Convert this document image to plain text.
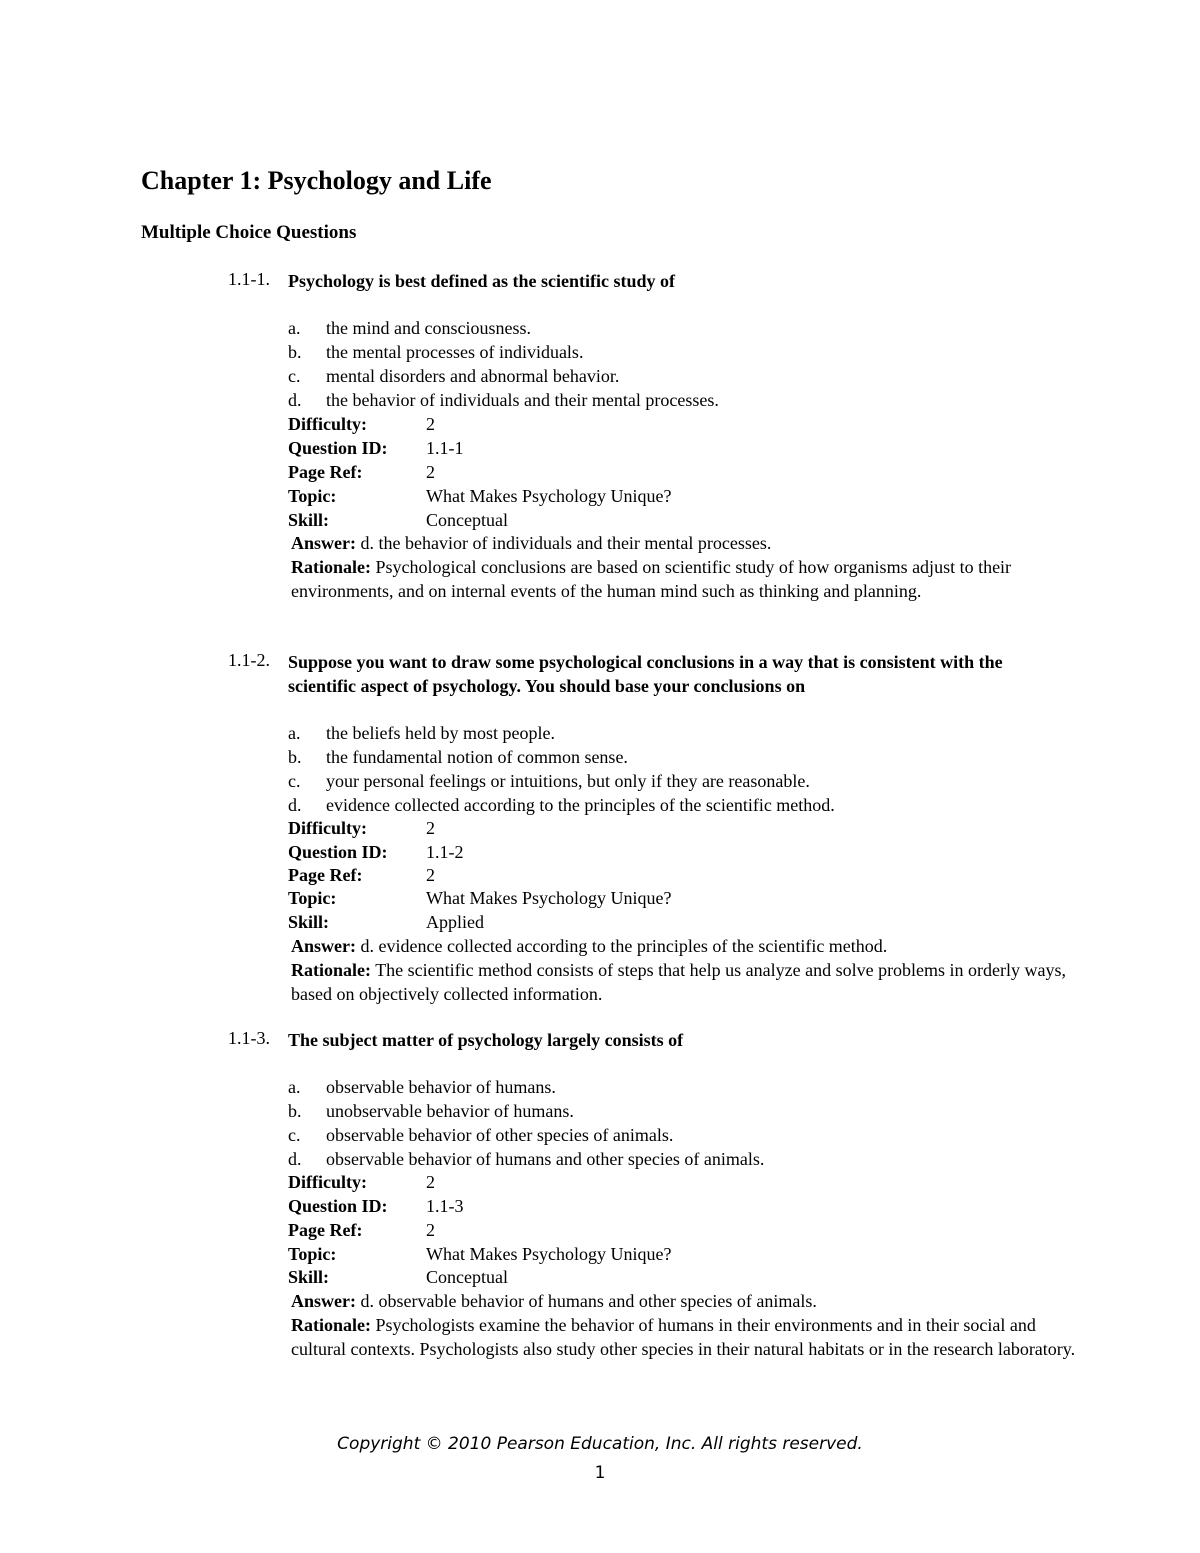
Chapter 1: Psychology and Life
Multiple Choice Questions
1.1-1. Psychology is best defined as the scientific study of
a. the mind and consciousness.
b. the mental processes of individuals.
c. mental disorders and abnormal behavior.
d. the behavior of individuals and their mental processes.
Difficulty:	2
Question ID: 1.1-1
Page Ref:	2
Topic:	What Makes Psychology Unique?
Skill:	Conceptual
Answer: d. the behavior of individuals and their mental processes.
Rationale: Psychological conclusions are based on scientific study of how organisms adjust to their environments, and on internal events of the human mind such as thinking and planning.
1.1-2. Suppose you want to draw some psychological conclusions in a way that is consistent with the scientific aspect of psychology. You should base your conclusions on
a. the beliefs held by most people.
b. the fundamental notion of common sense.
c. your personal feelings or intuitions, but only if they are reasonable.
d. evidence collected according to the principles of the scientific method.
Difficulty:	2
Question ID: 1.1-2
Page Ref:	2
Topic:	What Makes Psychology Unique?
Skill:	Applied
Answer: d. evidence collected according to the principles of the scientific method.
Rationale: The scientific method consists of steps that help us analyze and solve problems in orderly ways, based on objectively collected information.
1.1-3. The subject matter of psychology largely consists of
a. observable behavior of humans.
b. unobservable behavior of humans.
c. observable behavior of other species of animals.
d. observable behavior of humans and other species of animals.
Difficulty:	2
Question ID: 1.1-3
Page Ref:	2
Topic:	What Makes Psychology Unique?
Skill:	Conceptual
Answer: d. observable behavior of humans and other species of animals.
Rationale: Psychologists examine the behavior of humans in their environments and in their social and cultural contexts. Psychologists also study other species in their natural habitats or in the research laboratory.
Copyright © 2010 Pearson Education, Inc. All rights reserved.
1
